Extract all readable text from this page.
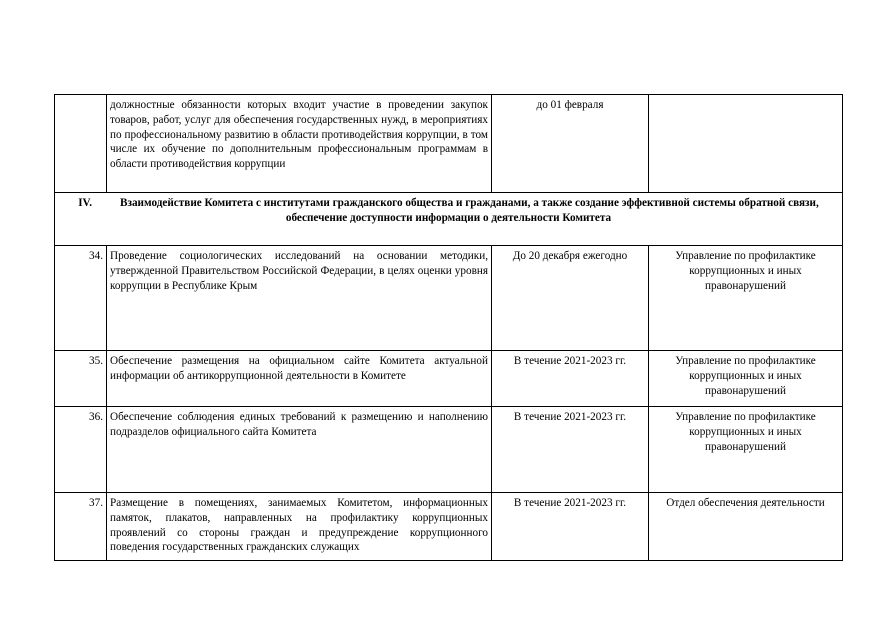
	должностные обязанности которых входит участие в проведении закупок товаров, работ, услуг для обеспечения государственных нужд, в мероприятиях по профессиональному развитию в области противодействия коррупции, в том числе их обучение по дополнительным профессиональным программам в области противодействия коррупции	до 01 февраля	
IV. Взаимодействие Комитета с институтами гражданского общества и гражданами, а также создание эффективной системы обратной связи, обеспечение доступности информации о деятельности Комитета			
34.	Проведение социологических исследований на основании методики, утвержденной Правительством Российской Федерации, в целях оценки уровня коррупции в Республике Крым	До 20 декабря ежегодно	Управление по профилактике коррупционных и иных правонарушений
35.	Обеспечение размещения на официальном сайте Комитета актуальной информации об антикоррупционной деятельности в Комитете	В течение 2021-2023 гг.	Управление по профилактике коррупционных и иных правонарушений
36.	Обеспечение соблюдения единых требований к размещению и наполнению подразделов официального сайта Комитета	В течение 2021-2023 гг.	Управление по профилактике коррупционных и иных правонарушений
37.	Размещение в помещениях, занимаемых Комитетом, информационных памяток, плакатов, направленных на профилактику коррупционных проявлений со стороны граждан и предупреждение коррупционного поведения государственных гражданских служащих	В течение 2021-2023 гг.	Отдел обеспечения деятельности
